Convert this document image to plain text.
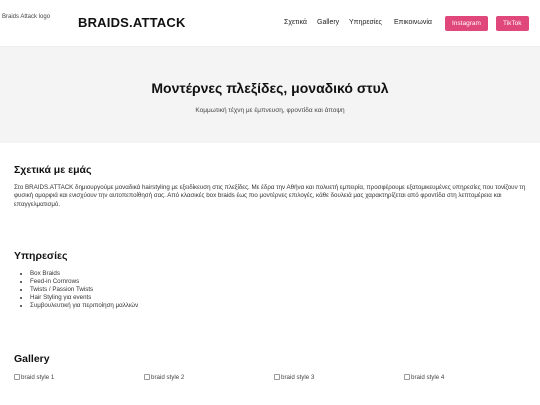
Braids Attack logo BRAIDS.ATTACK	Σχετικά Gallery Υπηρεσίες Επικοινωνία	Instagram	TikTok
Μοντέρνες πλεξίδες, μοναδικό στυλ

Κομμωτική τέχνη με έμπνευση, φροντίδα και άποψη

Σχετικά με εμάς

Στο BRAIDS.ATTACK δημιουργούμε μοναδικά hairstyling με εξειδίκευση στις πλεξίδες. Με έδρα την Αθήνα και πολυετή εμπειρία, προσφέρουμε εξατομικευμένες υπηρεσίες που τονίζουν τη φυσική ομορφιά και ενισχύουν την αυτοπεποίθησή σας. Από κλασικές box braids έως πιο μοντέρνες επιλογές, κάθε δουλειά μας χαρακτηρίζεται από φροντίδα στη λεπτομέρεια και επαγγελματισμό.

Υπηρεσίες
• Box Braids
• Feed-in Cornrows
• Twists / Passion Twists
• Hair Styling για events
• Συμβουλευτική για περιποίηση μαλλιών
Gallery
braid style 1	braid style 2	braid style 3	braid style 4
